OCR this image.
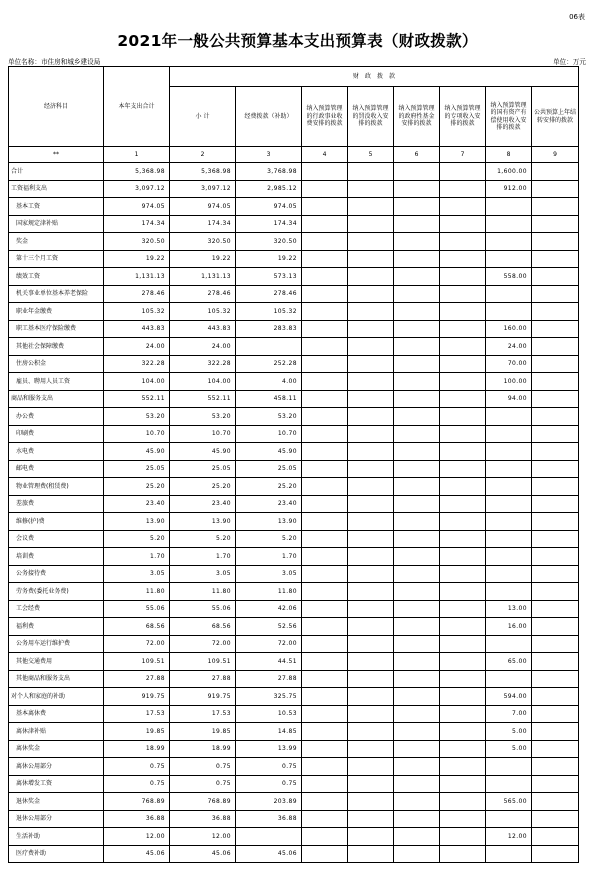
06表
2021年一般公共预算基本支出预算表（财政拨款）
单位名称：市住房和城乡建设局	单位：万元
经济科目	本年支出合计	财　政　拨　款							
		小 计	经费拨款（补助）	纳入预算管理的行政事业收费安排的拨款	纳入预算管理的罚没收入安排的拨款	纳入预算管理的政府性基金安排的拨款	纳入预算管理的专项收入安排的拨款	纳入预算管理的国有资产有偿使用收入安排的拨款	公共预算上年结转安排的拨款
**	1	2	3	4	5	6	7	8	9
合计	5,368.98	5,368.98	3,768.98					1,600.00	
工资福利支出	3,097.12	3,097.12	2,985.12					912.00	
基本工资	974.05	974.05	974.05						
国家规定津补贴	174.34	174.34	174.34						
奖金	320.50	320.50	320.50						
第十三个月工资	19.22	19.22	19.22						
绩效工资	1,131.13	1,131.13	573.13					558.00	
机关事业单位基本养老保险	278.46	278.46	278.46						
职业年金缴费	105.32	105.32	105.32						
职工基本医疗保险缴费	443.83	443.83	283.83					160.00	
其他社会保障缴费	24.00	24.00						24.00	
住房公积金	322.28	322.28	252.28					70.00	
雇员、聘用人员工资	104.00	104.00	4.00					100.00	
商品和服务支出	552.11	552.11	458.11					94.00	
办公费	53.20	53.20	53.20						
印刷费	10.70	10.70	10.70						
水电费	45.90	45.90	45.90						
邮电费	25.05	25.05	25.05						
物业管理费(租赁费)	25.20	25.20	25.20						
差旅费	23.40	23.40	23.40						
维修(护)费	13.90	13.90	13.90						
会议费	5.20	5.20	5.20						
培训费	1.70	1.70	1.70						
公务接待费	3.05	3.05	3.05						
劳务费(委托业务费)	11.80	11.80	11.80						
工会经费	55.06	55.06	42.06					13.00	
福利费	68.56	68.56	52.56					16.00	
公务用车运行维护费	72.00	72.00	72.00						
其他交通费用	109.51	109.51	44.51					65.00	
其他商品和服务支出	27.88	27.88	27.88						
对个人和家庭的补助	919.75	919.75	325.75					594.00	
基本离休费	17.53	17.53	10.53					7.00	
离休津补贴	19.85	19.85	14.85					5.00	
离休奖金	18.99	18.99	13.99					5.00	
离休公用部分	0.75	0.75	0.75						
离休增发工资	0.75	0.75	0.75						
退休奖金	768.89	768.89	203.89					565.00	
退休公用部分	36.88	36.88	36.88						
生活补助	12.00	12.00						12.00	
医疗费补助	45.06	45.06	45.06						
